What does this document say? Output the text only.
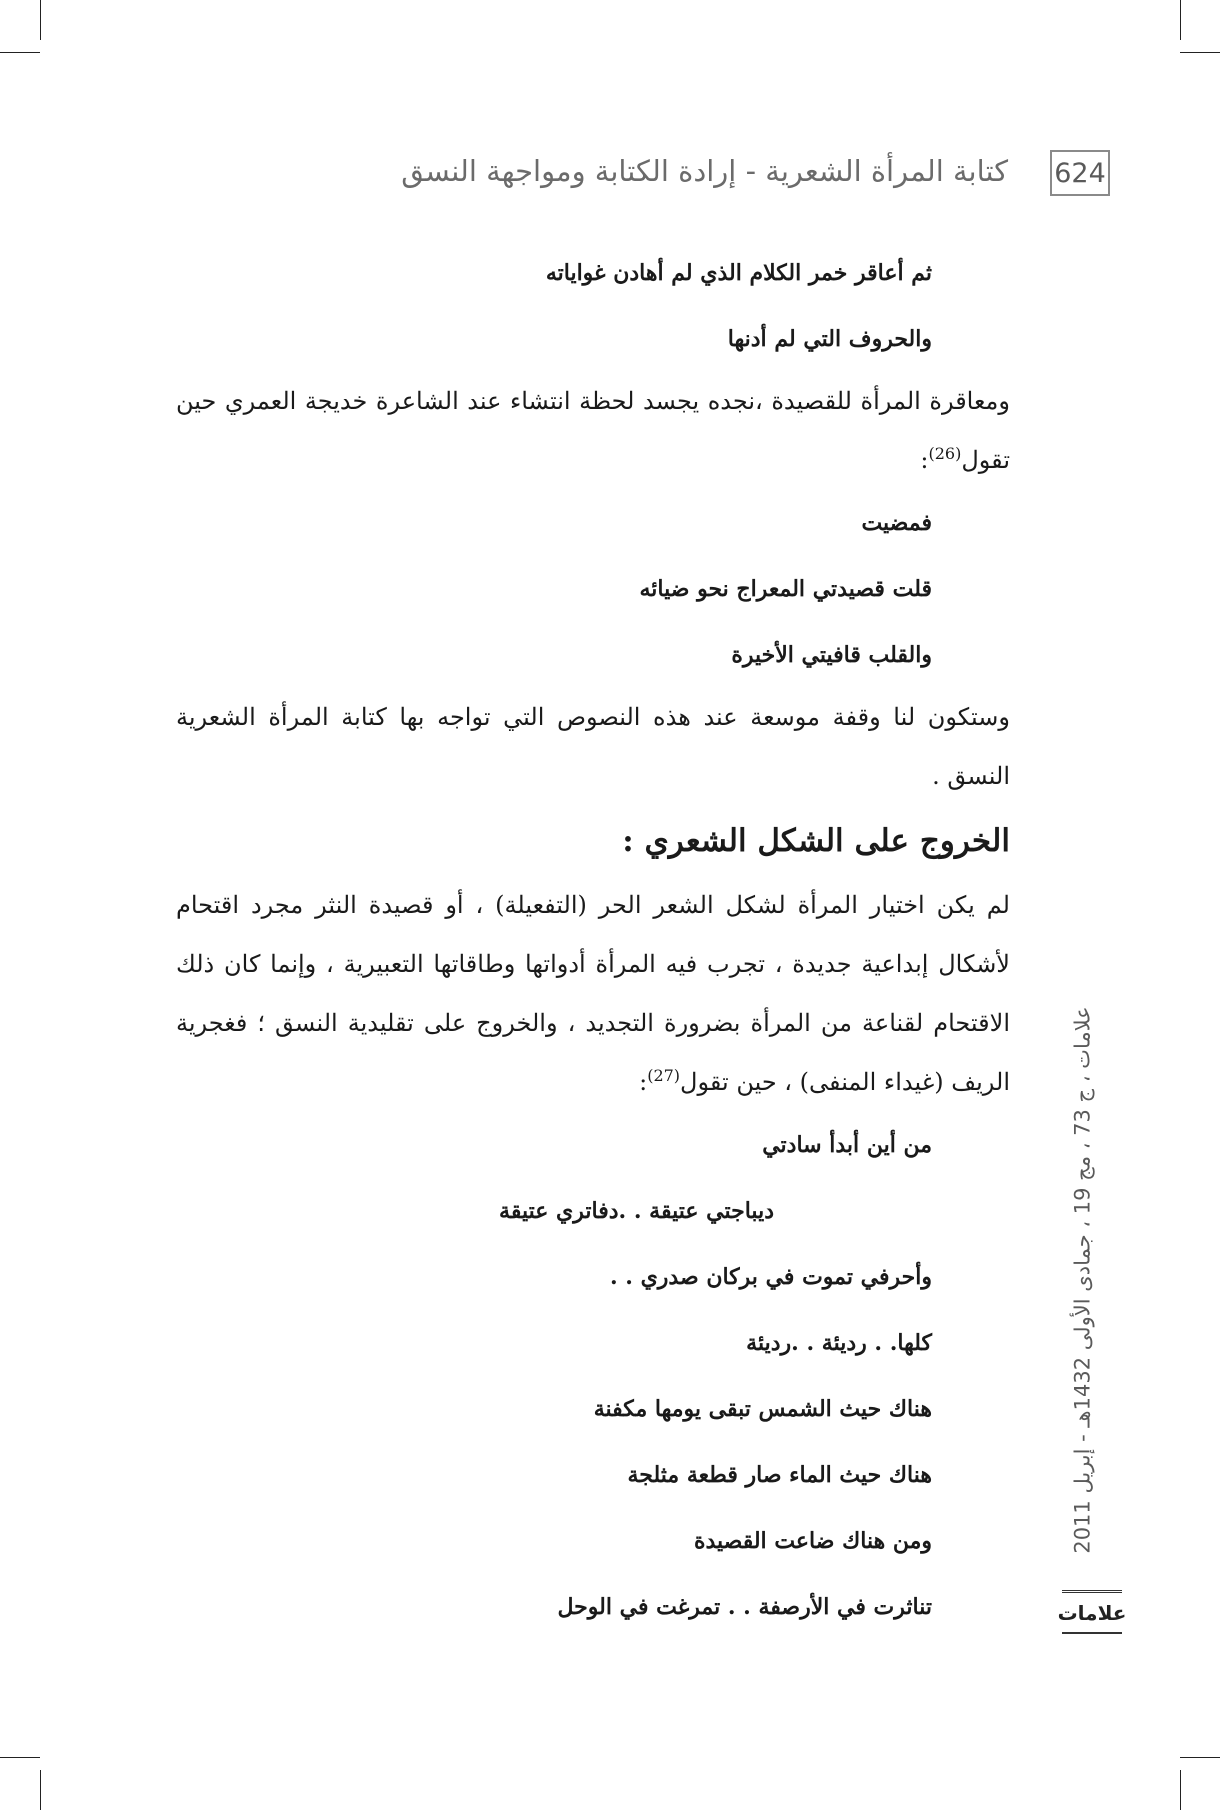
كتابة المرأة الشعرية - إرادة الكتابة ومواجهة النسق 624
ثم أعاقر خمر الكلام الذي لم أهادن غواياته
والحروف التي لم أدنها

ومعاقرة المرأة للقصيدة ،نجده يجسد لحظة انتشاء عند الشاعرة خديجة العمري حين تقول$^{(26)}$:

فمضيت
قلت قصيدتي المعراج نحو ضيائه
والقلب قافيتي الأخيرة

وستكون لنا وقفة موسعة عند هذه النصوص التي تواجه بها كتابة المرأة الشعرية النسق .

الخروج على الشكل الشعري :

لم يكن اختيار المرأة لشكل الشعر الحر (التفعيلة) ، أو قصيدة النثر مجرد اقتحام لأشكال إبداعية جديدة ، تجرب فيه المرأة أدواتها وطاقاتها التعبيرية ، وإنما كان ذلك الاقتحام لقناعة من المرأة بضرورة التجديد ، والخروج على تقليدية النسق ؛ فغجرية الريف (غيداء المنفى) ، حين تقول$^{(27)}$:

من أين أبدأ سادتي
ديباجتي عتيقة . .دفاتري عتيقة
وأحرفي تموت في بركان صدري . .
كلها. . رديئة . .رديئة
هناك حيث الشمس تبقى يومها مكفنة
هناك حيث الماء صار قطعة مثلجة
ومن هناك ضاعت القصيدة
تناثرت في الأرصفة . . تمرغت في الوحل
علامات ، ج 73 ، مج 19 ، جمادى الأولى 1432هـ - إبريل 2011
علامات
